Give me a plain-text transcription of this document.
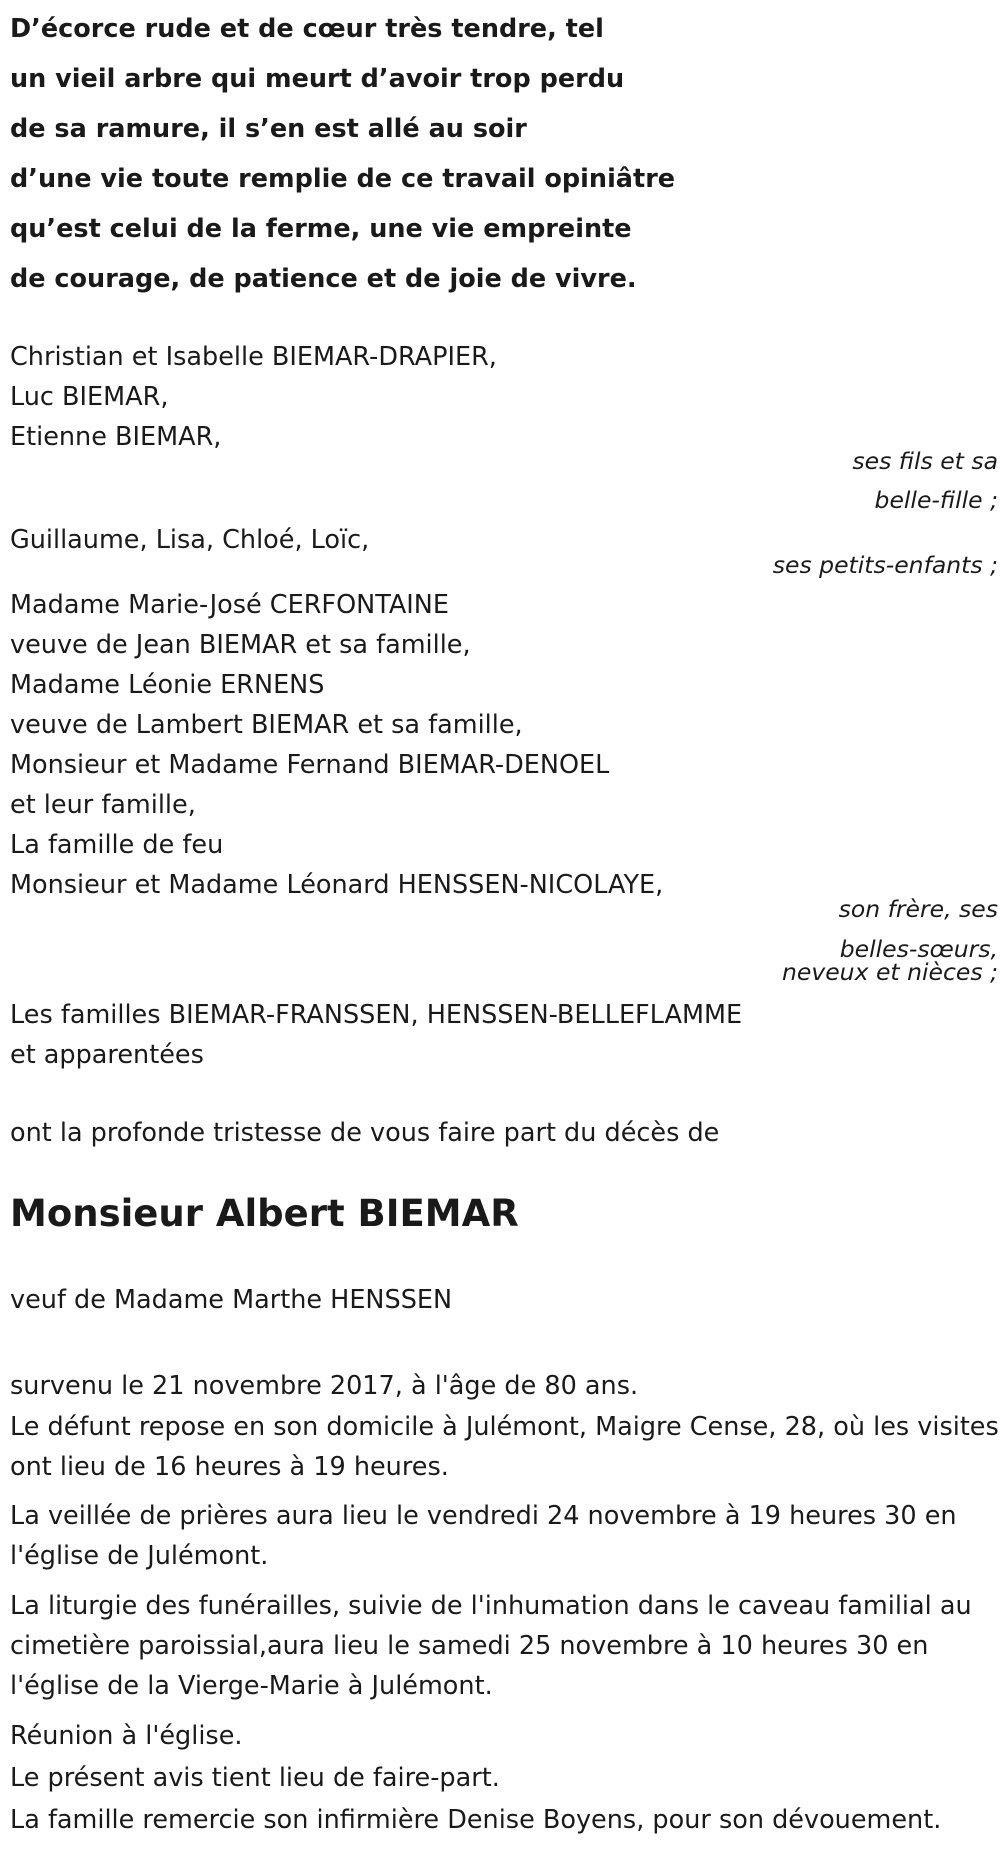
D’écorce rude et de cœur très tendre, tel
un vieil arbre qui meurt d’avoir trop perdu
de sa ramure, il s’en est allé au soir
d’une vie toute remplie de ce travail opiniâtre
qu’est celui de la ferme, une vie empreinte
de courage, de patience et de joie de vivre.
Christian et Isabelle BIEMAR-DRAPIER,
Luc BIEMAR,
Etienne BIEMAR,
ses fils et sa
belle-fille ;
Guillaume, Lisa, Chloé, Loïc,
ses petits-enfants ;
Madame Marie-José CERFONTAINE
veuve de Jean BIEMAR et sa famille,
Madame Léonie ERNENS
veuve de Lambert BIEMAR et sa famille,
Monsieur et Madame Fernand BIEMAR-DENOEL
et leur famille,
La famille de feu
Monsieur et Madame Léonard HENSSEN-NICOLAYE,
son frère, ses
belles-sœurs,
neveux et nièces ;
Les familles BIEMAR-FRANSSEN, HENSSEN-BELLEFLAMME
et apparentées
ont la profonde tristesse de vous faire part du décès de
Monsieur Albert BIEMAR
veuf de Madame Marthe HENSSEN
survenu le 21 novembre 2017, à l'âge de 80 ans.
Le défunt repose en son domicile à Julémont, Maigre Cense, 28, où les visites ont lieu de 16 heures à 19 heures.
La veillée de prières aura lieu le vendredi 24 novembre à 19 heures 30 en l'église de Julémont.
La liturgie des funérailles, suivie de l'inhumation dans le caveau familial au cimetière paroissial,aura lieu le samedi 25 novembre à 10 heures 30 en l'église de la Vierge-Marie à Julémont.
Réunion à l'église.
Le présent avis tient lieu de faire-part.
La famille remercie son infirmière Denise Boyens, pour son dévouement.
